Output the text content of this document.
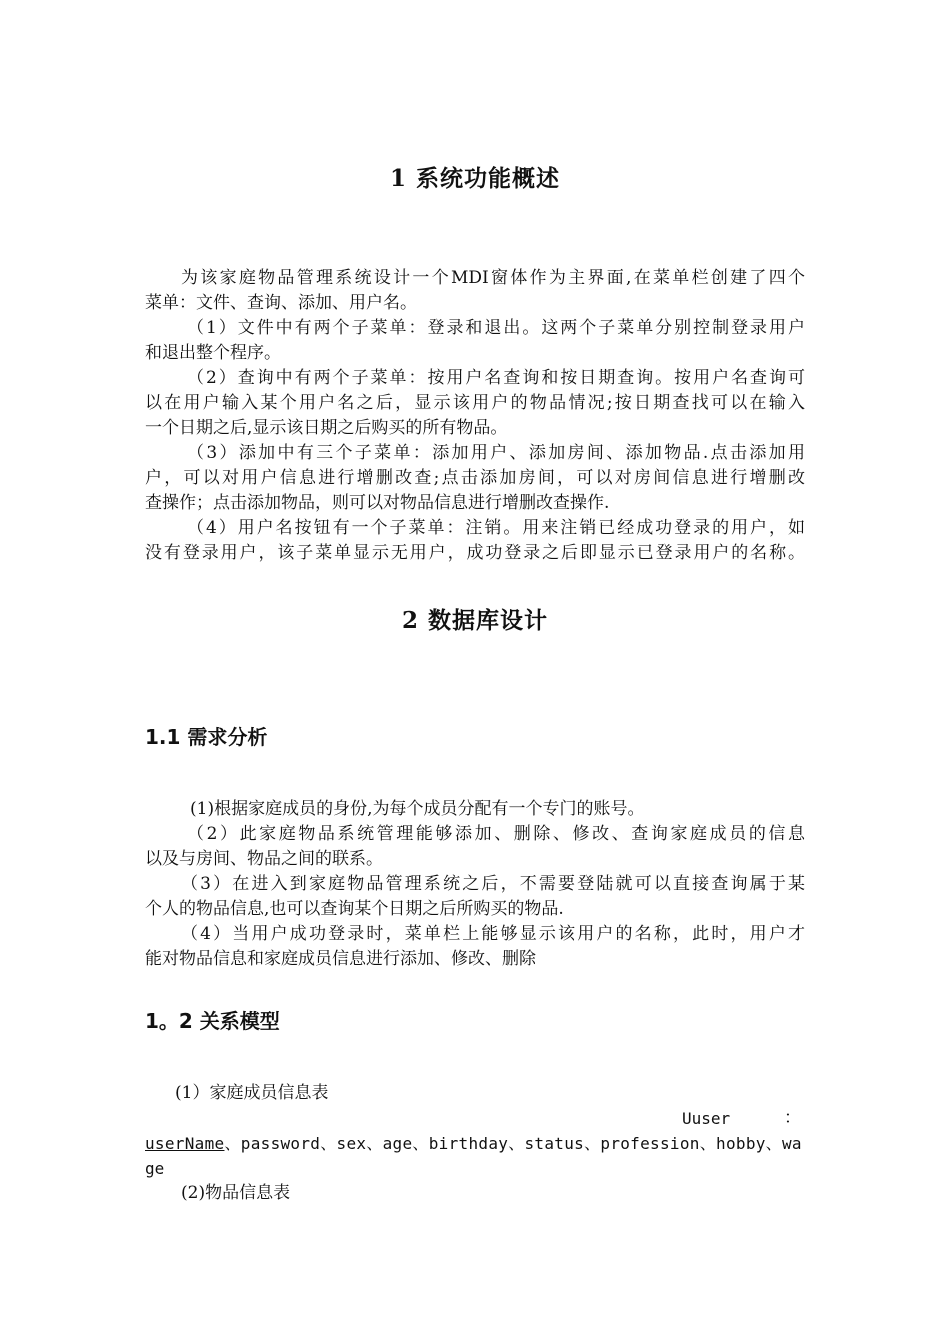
1 系统功能概述
为该家庭物品管理系统设计一个MDI窗体作为主界面,在菜单栏创建了四个
菜单：文件、查询、添加、用户名。
（1）文件中有两个子菜单：登录和退出。这两个子菜单分别控制登录用户
和退出整个程序。
（2）查询中有两个子菜单：按用户名查询和按日期查询。按用户名查询可
以在用户输入某个用户名之后，显示该用户的物品情况;按日期查找可以在输入
一个日期之后,显示该日期之后购买的所有物品。
（3）添加中有三个子菜单：添加用户、添加房间、添加物品.点击添加用
户，可以对用户信息进行增删改查;点击添加房间，可以对房间信息进行增删改
查操作；点击添加物品，则可以对物品信息进行增删改查操作.
（4）用户名按钮有一个子菜单：注销。用来注销已经成功登录的用户，如
没有登录用户，该子菜单显示无用户，成功登录之后即显示已登录用户的名称。
2 数据库设计
1.1 需求分析
(1)根据家庭成员的身份,为每个成员分配有一个专门的账号。
（2）此家庭物品系统管理能够添加、删除、修改、查询家庭成员的信息
以及与房间、物品之间的联系。
（3）在进入到家庭物品管理系统之后，不需要登陆就可以直接查询属于某
个人的物品信息,也可以查询某个日期之后所购买的物品.
（4）当用户成功登录时，菜单栏上能够显示该用户的名称，此时，用户才
能对物品信息和家庭成员信息进行添加、修改、删除
1。2 关系模型
(1）家庭成员信息表
Uuser	：
userName、password、sex、age、birthday、status、profession、hobby、wa
ge
(2)物品信息表
